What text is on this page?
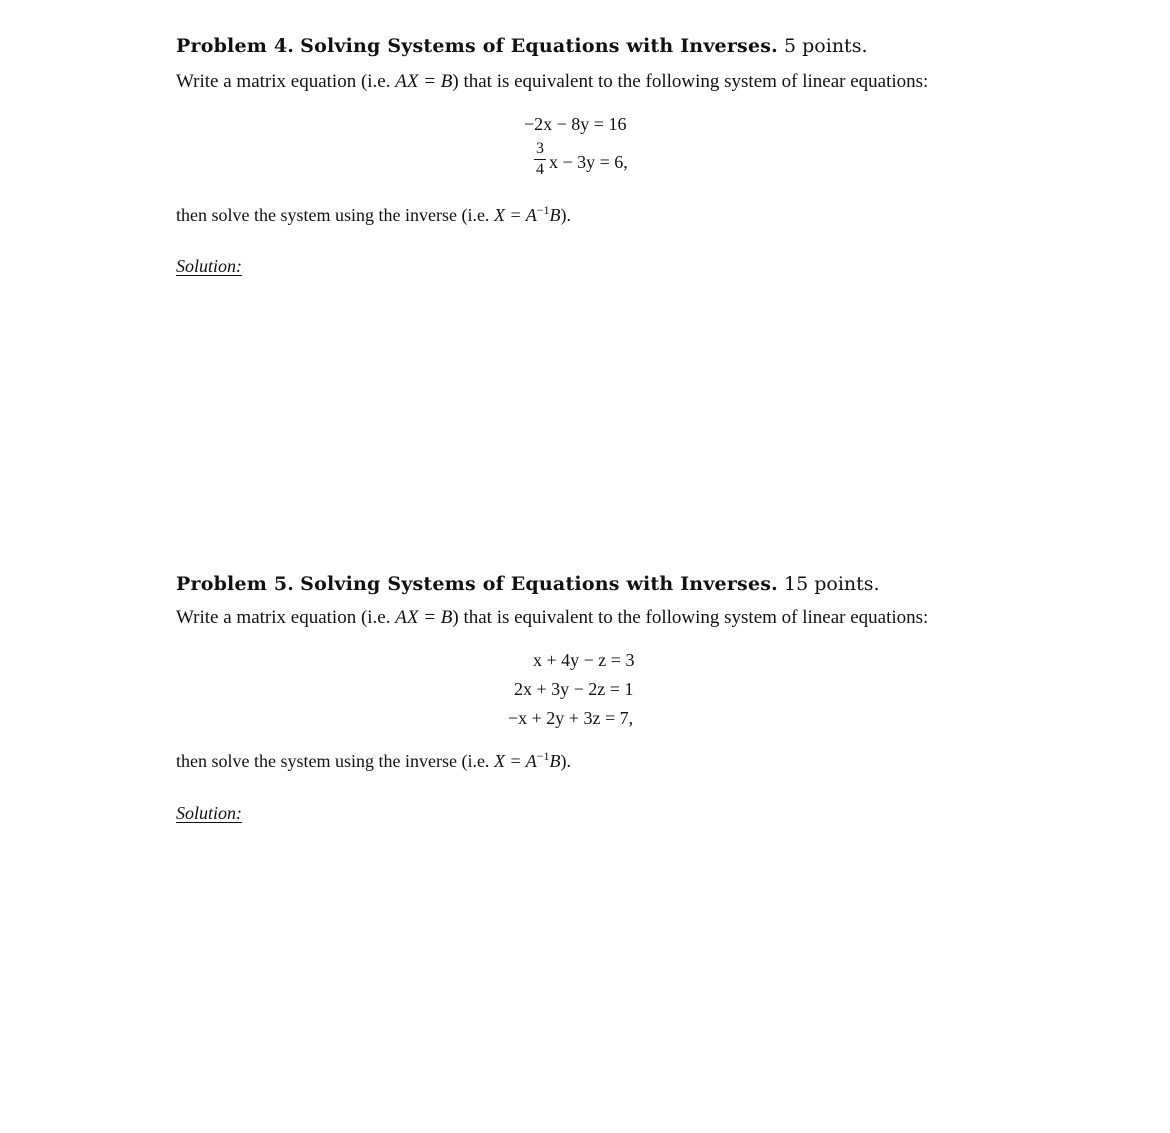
Problem 4. Solving Systems of Equations with Inverses. 5 points.
Write a matrix equation (i.e. AX = B) that is equivalent to the following system of linear equations:
−2x − 8y = 16
3
4 x − 3y = 6,
then solve the system using the inverse (i.e. $X = A^{-1}B$).
Solution:
Problem 5. Solving Systems of Equations with Inverses. 15 points.
Write a matrix equation (i.e. AX = B) that is equivalent to the following system of linear equations:
x + 4y − z = 3
2x + 3y − 2z = 1
−x + 2y + 3z = 7,
then solve the system using the inverse (i.e. $X = A^{-1}B$).
Solution:
